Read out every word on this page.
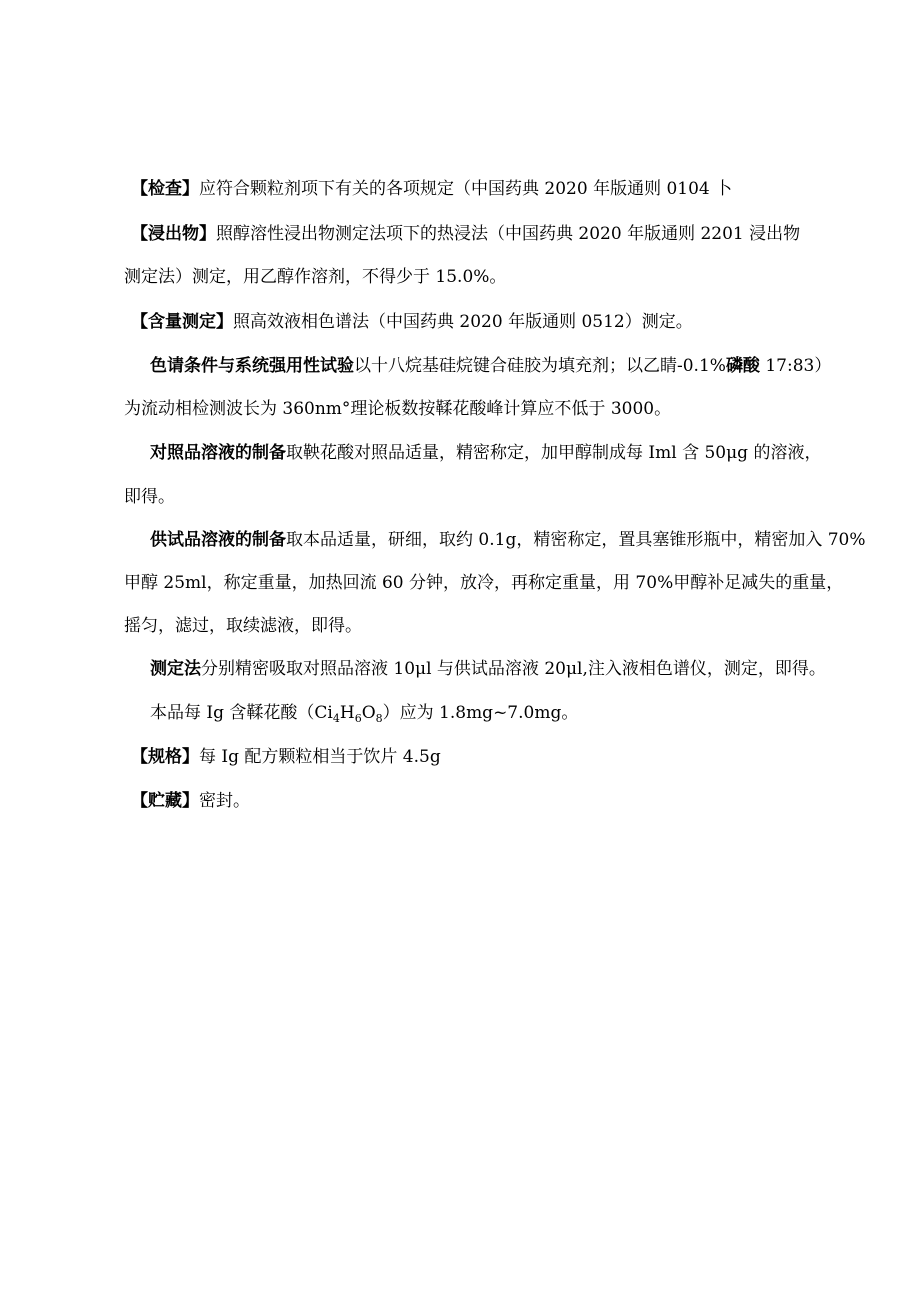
【检查】应符合颗粒剂项下有关的各项规定（中国药典 2020 年版通则 0104 卜
【浸出物】照醇溶性浸出物测定法项下的热浸法（中国药典 2020 年版通则 2201 浸出物
测定法）测定，用乙醇作溶剂，不得少于 15.0%。
【含量测定】照高效液相色谱法（中国药典 2020 年版通则 0512）测定。
色请条件与系统强用性试验以十八烷基硅烷键合硅胶为填充剂；以乙睛-0.1%磷酸 17:83）
为流动相检测波长为 360nm°理论板数按鞣花酸峰计算应不低于 3000。
对照品溶液的制备取鞅花酸对照品适量，精密称定，加甲醇制成每 Iml 含 50μg 的溶液，
即得。
供试品溶液的制备取本品适量，研细，取约 0.1g，精密称定，置具塞锥形瓶中，精密加入 70%
甲醇 25ml，称定重量，加热回流 60 分钟，放冷，再称定重量，用 70%甲醇补足减失的重量，
摇匀，滤过，取续滤液，即得。
测定法分别精密吸取对照品溶液 10μl 与供试品溶液 20μl,注入液相色谱仪，测定，即得。
本品每 Ig 含鞣花酸$(Ci_4H_6O_8)$应为 1.8mg~7.0mg。
【规格】每 Ig 配方颗粒相当于饮片 4.5g
【贮藏】密封。
